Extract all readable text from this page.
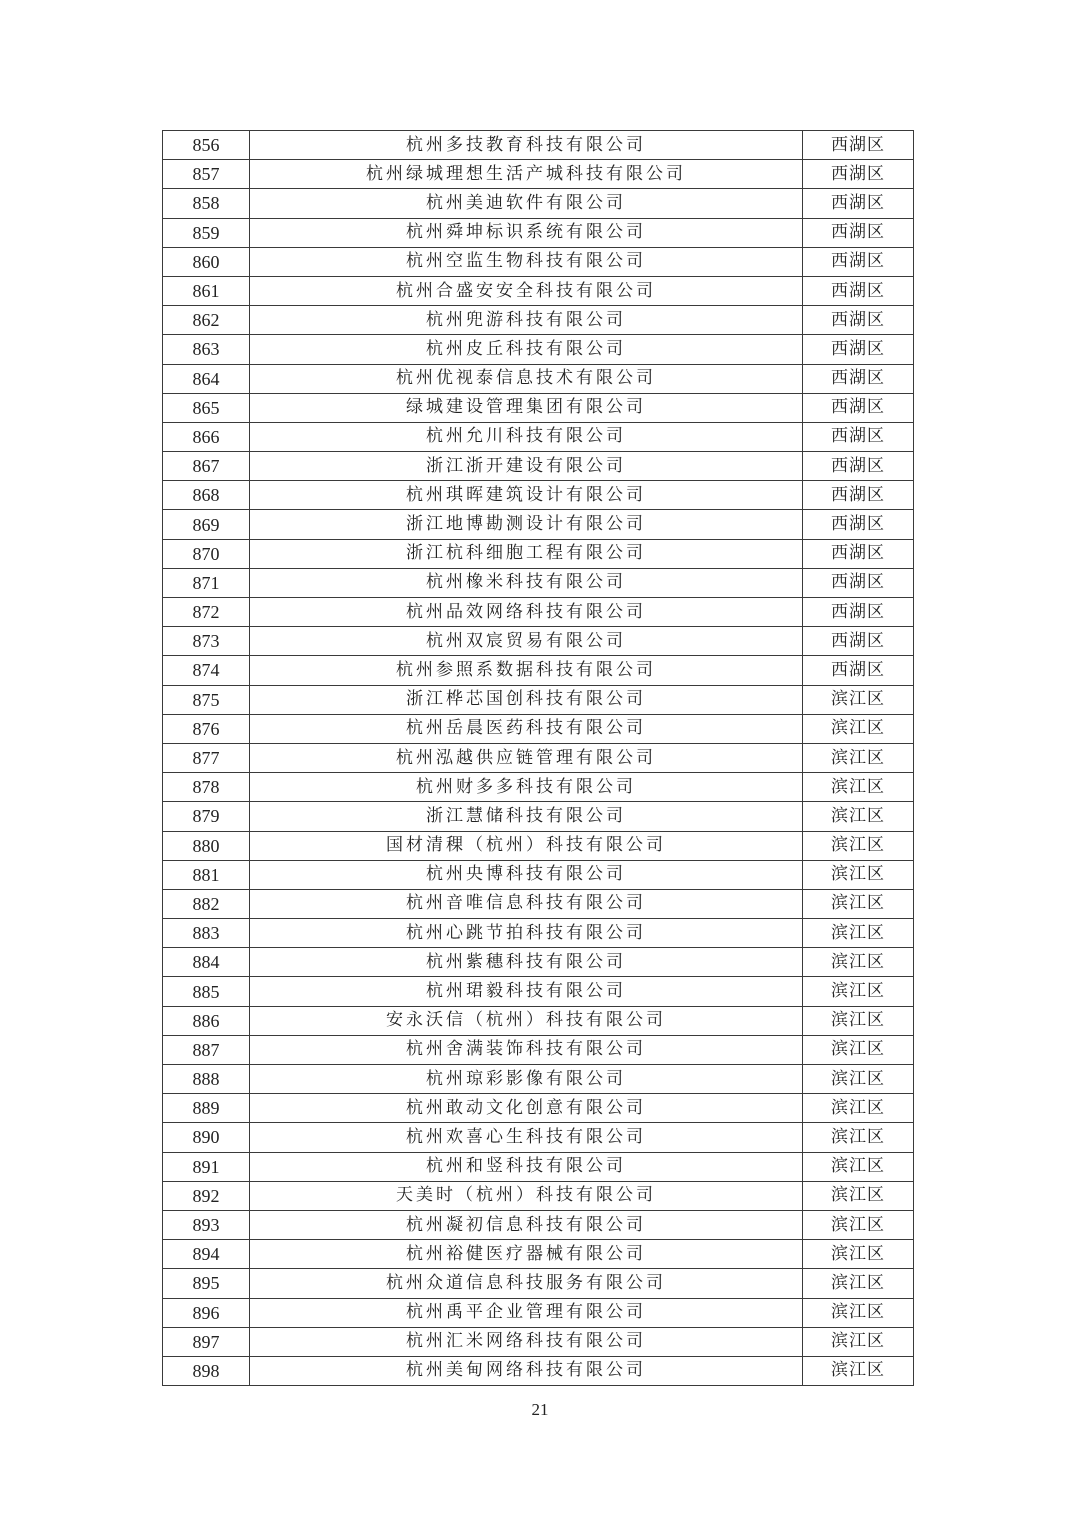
856	杭州多技教育科技有限公司	西湖区
857	杭州绿城理想生活产城科技有限公司	西湖区
858	杭州美迪软件有限公司	西湖区
859	杭州舜坤标识系统有限公司	西湖区
860	杭州空监生物科技有限公司	西湖区
861	杭州合盛安安全科技有限公司	西湖区
862	杭州兜游科技有限公司	西湖区
863	杭州皮丘科技有限公司	西湖区
864	杭州优视泰信息技术有限公司	西湖区
865	绿城建设管理集团有限公司	西湖区
866	杭州允川科技有限公司	西湖区
867	浙江浙开建设有限公司	西湖区
868	杭州琪晖建筑设计有限公司	西湖区
869	浙江地博勘测设计有限公司	西湖区
870	浙江杭科细胞工程有限公司	西湖区
871	杭州橡米科技有限公司	西湖区
872	杭州品效网络科技有限公司	西湖区
873	杭州双宸贸易有限公司	西湖区
874	杭州参照系数据科技有限公司	西湖区
875	浙江桦芯国创科技有限公司	滨江区
876	杭州岳晨医药科技有限公司	滨江区
877	杭州泓越供应链管理有限公司	滨江区
878	杭州财多多科技有限公司	滨江区
879	浙江慧储科技有限公司	滨江区
880	国材清稞（杭州）科技有限公司	滨江区
881	杭州央博科技有限公司	滨江区
882	杭州音唯信息科技有限公司	滨江区
883	杭州心跳节拍科技有限公司	滨江区
884	杭州紫穗科技有限公司	滨江区
885	杭州珺毅科技有限公司	滨江区
886	安永沃信（杭州）科技有限公司	滨江区
887	杭州舍满装饰科技有限公司	滨江区
888	杭州琼彩影像有限公司	滨江区
889	杭州敢动文化创意有限公司	滨江区
890	杭州欢喜心生科技有限公司	滨江区
891	杭州和竖科技有限公司	滨江区
892	天美时（杭州）科技有限公司	滨江区
893	杭州凝初信息科技有限公司	滨江区
894	杭州裕健医疗器械有限公司	滨江区
895	杭州众道信息科技服务有限公司	滨江区
896	杭州禹平企业管理有限公司	滨江区
897	杭州汇米网络科技有限公司	滨江区
898	杭州美甸网络科技有限公司	滨江区
21
